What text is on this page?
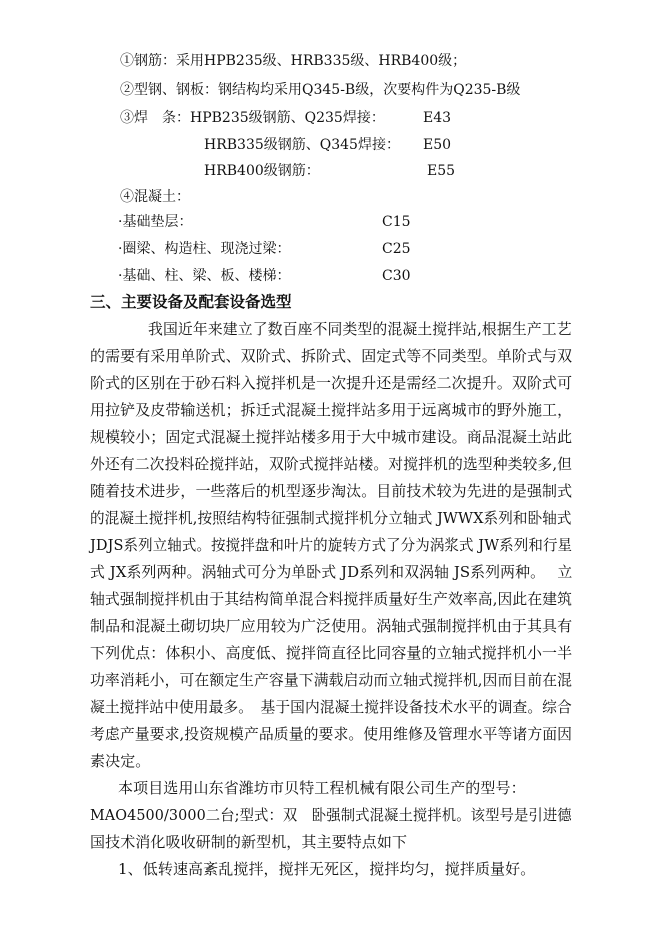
①钢筋：采用HPB235级、HRB335级、HRB400级；
②型钢、钢板：钢结构均采用Q345-B级，次要构件为Q235-B级
③焊　条：HPB235级钢筋、Q235焊接：	E43
HRB335级钢筋、Q345焊接： E50
HRB400级钢筋：	E55
④混凝土：
·基础垫层：	C15
·圈梁、构造柱、现浇过梁：	C25
·基础、柱、梁、板、楼梯：	C30
三、主要设备及配套设备选型
我国近年来建立了数百座不同类型的混凝土搅拌站,根据生产工艺
的需要有采用单阶式、双阶式、拆阶式、固定式等不同类型。单阶式与双
阶式的区别在于砂石料入搅拌机是一次提升还是需经二次提升。双阶式可
用拉铲及皮带输送机；拆迁式混凝土搅拌站多用于远离城市的野外施工，
规模较小；固定式混凝土搅拌站楼多用于大中城市建设。商品混凝土站此
外还有二次投料砼搅拌站，双阶式搅拌站楼。对搅拌机的选型种类较多,但
随着技术进步，一些落后的机型逐步淘汰。目前技术较为先进的是强制式
的混凝土搅拌机,按照结构特征强制式搅拌机分立轴式 JWWX系列和卧轴式
JDJS系列立轴式。按搅拌盘和叶片的旋转方式了分为涡浆式 JW系列和行星
式 JX系列两种。涡轴式可分为单卧式 JD系列和双涡轴 JS系列两种。　 立
轴式强制搅拌机由于其结构简单混合料搅拌质量好生产效率高,因此在建筑
制品和混凝土砌切块厂应用较为广泛使用。涡轴式强制搅拌机由于其具有
下列优点：体积小、高度低、搅拌筒直径比同容量的立轴式搅拌机小一半
功率消耗小，可在额定生产容量下满载启动而立轴式搅拌机,因而目前在混
凝土搅拌站中使用最多。　基于国内混凝土搅拌设备技术水平的调查。综合
考虑产量要求,投资规模产品质量的要求。使用维修及管理水平等诸方面因
素决定。
本项目选用山东省潍坊市贝特工程机械有限公司生产的型号：
MAO4500/3000二台;型式：双　卧强制式混凝土搅拌机。该型号是引进德
国技术消化吸收研制的新型机，其主要特点如下
1、低转速高紊乱搅拌，搅拌无死区，搅拌均匀，搅拌质量好。
